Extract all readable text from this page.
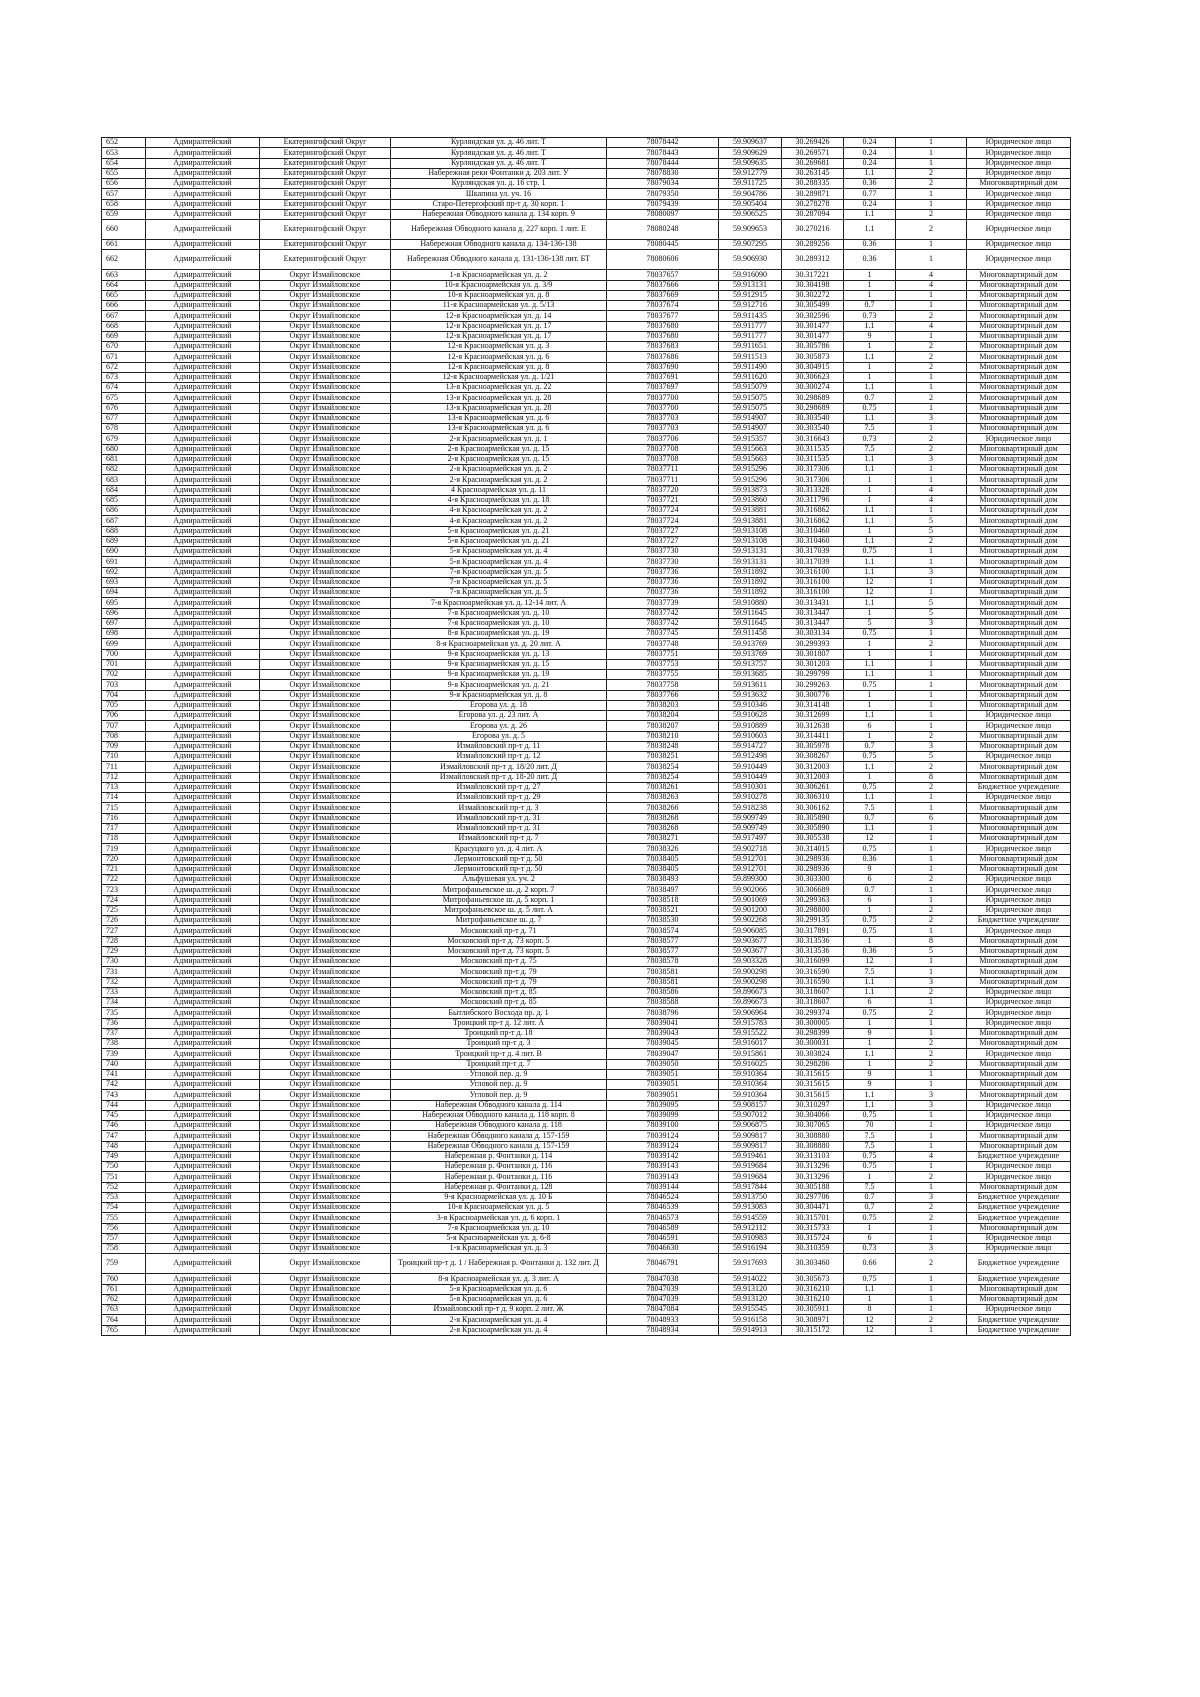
652	Адмиралтейский	Екатерингофский Округ	Курляндская ул. д. 46 лит. Т	78078442	59.909637	30.269426	0.24	1	Юридическое лицо
653	Адмиралтейский	Екатерингофский Округ	Курляндская ул. д. 46 лит. Т	78078443	59.909629	30.269571	0.24	1	Юридическое лицо
654	Адмиралтейский	Екатерингофский Округ	Курляндская ул. д. 46 лит. Т	78078444	59.909635	30.269681	0.24	1	Юридическое лицо
655	Адмиралтейский	Екатерингофский Округ	Набережная реки Фонтанки д. 203 лит. У	78078830	59.912779	30.263145	1.1	2	Юридическое лицо
656	Адмиралтейский	Екатерингофский Округ	Курляндская ул. д. 16 стр. 1	78079034	59.911725	30.288335	0.36	2	Многоквартирный дом
657	Адмиралтейский	Екатерингофский Округ	Шкапина ул. уч. 16	78079350	59.904786	30.289871	0.77	1	Юридическое лицо
658	Адмиралтейский	Екатерингофский Округ	Старо-Петергофский пр-т д. 30 корп. 1	78079439	59.905404	30.278278	0.24	1	Юридическое лицо
659	Адмиралтейский	Екатерингофский Округ	Набережная Обводного канала д. 134 корп. 9	78080097	59.906525	30.287094	1.1	2	Юридическое лицо
660	Адмиралтейский	Екатерингофский Округ	Набережная Обводного канала д. 227 корп. 1 лит. Е	78080248	59.909653	30.270216	1.1	2	Юридическое лицо
661	Адмиралтейский	Екатерингофский Округ	Набережная Обводного канала д. 134-136-138	78080445	59.907295	30.289256	0.36	1	Юридическое лицо
662	Адмиралтейский	Екатерингофский Округ	Набережная Обводного канала д. 131-136-138 лит. БТ	78080606	59.906930	30.289312	0.36	1	Юридическое лицо
663	Адмиралтейский	Округ Измайловское	1-я Красноармейская ул. д. 2	78037657	59.916090	30.317221	1	4	Многоквартирный дом
664	Адмиралтейский	Округ Измайловское	10-я Красноармейская ул. д. 3/9	78037666	59.913131	30.304198	1	4	Многоквартирный дом
665	Адмиралтейский	Округ Измайловское	10-я Красноармейская ул. д. 8	78037669	59.912915	30.302272	1	1	Многоквартирный дом
666	Адмиралтейский	Округ Измайловское	11-я Красноармейская ул. д. 5/13	78037674	59.912716	30.305499	0.7	1	Многоквартирный дом
667	Адмиралтейский	Округ Измайловское	12-я Красноармейская ул. д. 14	78037677	59.911435	30.302596	0.73	2	Многоквартирный дом
668	Адмиралтейский	Округ Измайловское	12-я Красноармейская ул. д. 17	78037680	59.911777	30.301477	1.1	4	Многоквартирный дом
669	Адмиралтейский	Округ Измайловское	12-я Красноармейская ул. д. 17	78037680	59.911777	30.301477	9	1	Многоквартирный дом
670	Адмиралтейский	Округ Измайловское	12-я Красноармейская ул. д. 3	78037683	59.911651	30.305786	1	2	Многоквартирный дом
671	Адмиралтейский	Округ Измайловское	12-я Красноармейская ул. д. 6	78037686	59.911513	30.305873	1.1	2	Многоквартирный дом
672	Адмиралтейский	Округ Измайловское	12-я Красноармейская ул. д. 8	78037690	59.911490	30.304915	1	2	Многоквартирный дом
673	Адмиралтейский	Округ Измайловское	12-я Красноармейская ул. д. 1/21	78037691	59.911620	30.306623	1	1	Многоквартирный дом
674	Адмиралтейский	Округ Измайловское	13-я Красноармейская ул. д. 22	78037697	59.915079	30.300274	1.1	1	Многоквартирный дом
675	Адмиралтейский	Округ Измайловское	13-я Красноармейская ул. д. 28	78037700	59.915075	30.298689	0.7	2	Многоквартирный дом
676	Адмиралтейский	Округ Измайловское	13-я Красноармейская ул. д. 28	78037700	59.915075	30.298689	0.75	1	Многоквартирный дом
677	Адмиралтейский	Округ Измайловское	13-я Красноармейская ул. д. 6	78037703	59.914907	30.303540	1.1	3	Многоквартирный дом
678	Адмиралтейский	Округ Измайловское	13-я Красноармейская ул. д. 6	78037703	59.914907	30.303540	7.5	1	Многоквартирный дом
679	Адмиралтейский	Округ Измайловское	2-я Красноармейская ул. д. 1	78037706	59.915357	30.316643	0.73	2	Юридическое лицо
680	Адмиралтейский	Округ Измайловское	2-я Красноармейская ул. д. 15	78037708	59.915663	30.311535	7.5	2	Многоквартирный дом
681	Адмиралтейский	Округ Измайловское	2-я Красноармейская ул. д. 15	78037708	59.915663	30.311535	1.1	3	Многоквартирный дом
682	Адмиралтейский	Округ Измайловское	2-я Красноармейская ул. д. 2	78037711	59.915296	30.317306	1.1	1	Многоквартирный дом
683	Адмиралтейский	Округ Измайловское	2-я Красноармейская ул. д. 2	78037711	59.915296	30.317306	1	1	Многоквартирный дом
684	Адмиралтейский	Округ Измайловское	4 Красноармейская ул. д. 11	78037720	59.913873	30.313328	1	4	Многоквартирный дом
685	Адмиралтейский	Округ Измайловское	4-я Красноармейская ул. д. 18	78037721	59.913860	30.311796	1	4	Многоквартирный дом
686	Адмиралтейский	Округ Измайловское	4-я Красноармейская ул. д. 2	78037724	59.913881	30.316862	1.1	1	Многоквартирный дом
687	Адмиралтейский	Округ Измайловское	4-я Красноармейская ул. д. 2	78037724	59.913881	30.316862	1.1	5	Многоквартирный дом
688	Адмиралтейский	Округ Измайловское	5-я Красноармейская ул. д. 21	78037727	59.913108	30.310460	1	5	Многоквартирный дом
689	Адмиралтейский	Округ Измайловское	5-я Красноармейская ул. д. 21	78037727	59.913108	30.310460	1.1	2	Многоквартирный дом
690	Адмиралтейский	Округ Измайловское	5-я Красноармейская ул. д. 4	78037730	59.913131	30.317039	0.75	1	Многоквартирный дом
691	Адмиралтейский	Округ Измайловское	5-я Красноармейская ул. д. 4	78037730	59.913131	30.317039	1.1	1	Многоквартирный дом
692	Адмиралтейский	Округ Измайловское	7-я Красноармейская ул. д. 5	78037736	59.911892	30.316100	1.1	3	Многоквартирный дом
693	Адмиралтейский	Округ Измайловское	7-я Красноармейская ул. д. 5	78037736	59.911892	30.316100	12	1	Многоквартирный дом
694	Адмиралтейский	Округ Измайловское	7-я Красноармейская ул. д. 5	78037736	59.911892	30.316100	12	1	Многоквартирный дом
695	Адмиралтейский	Округ Измайловское	7-я Красноармейская ул. д. 12-14 лит. А	78037739	59.910880	30.313431	1.1	5	Многоквартирный дом
696	Адмиралтейский	Округ Измайловское	7-я Красноармейская ул. д. 10	78037742	59.911645	30.313447	1	5	Многоквартирный дом
697	Адмиралтейский	Округ Измайловское	7-я Красноармейская ул. д. 10	78037742	59.911645	30.313447	5	3	Многоквартирный дом
698	Адмиралтейский	Округ Измайловское	8-я Красноармейская ул. д. 19	78037745	59.911458	30.303134	0.75	1	Многоквартирный дом
699	Адмиралтейский	Округ Измайловское	8-я Красноармейская ул. д. 20 лит. А	78037748	59.913769	30.299393	1	2	Многоквартирный дом
700	Адмиралтейский	Округ Измайловское	9-я Красноармейская ул. д. 13	78037751	59.913769	30.301807	1	1	Многоквартирный дом
701	Адмиралтейский	Округ Измайловское	9-я Красноармейская ул. д. 15	78037753	59.913757	30.301203	1.1	1	Многоквартирный дом
702	Адмиралтейский	Округ Измайловское	9-я Красноармейская ул. д. 19	78037755	59.913685	30.299799	1.1	1	Многоквартирный дом
703	Адмиралтейский	Округ Измайловское	9-я Красноармейская ул. д. 21	78037758	59.913611	30.299263	0.75	1	Многоквартирный дом
704	Адмиралтейский	Округ Измайловское	9-я Красноармейская ул. д. 8	78037766	59.913632	30.300776	1	1	Многоквартирный дом
705	Адмиралтейский	Округ Измайловское	Егорова ул. д. 18	78038203	59.910346	30.314148	1	1	Многоквартирный дом
706	Адмиралтейский	Округ Измайловское	Егорова ул. д. 23 лит. А	78038204	59.910628	30.312699	1.1	1	Юридическое лицо
707	Адмиралтейский	Округ Измайловское	Егорова ул. д. 26	78038207	59.910889	30.312638	6	1	Юридическое лицо
708	Адмиралтейский	Округ Измайловское	Егорова ул. д. 5	78038210	59.910603	30.314411	1	2	Многоквартирный дом
709	Адмиралтейский	Округ Измайловское	Измайловский пр-т д. 11	78038248	59.914727	30.305978	0.7	3	Многоквартирный дом
710	Адмиралтейский	Округ Измайловское	Измайловский пр-т д. 12	78038251	59.912498	30.308267	0.75	5	Юридическое лицо
711	Адмиралтейский	Округ Измайловское	Измайловский пр-т д. 18/20 лит. Д	78038254	59.910449	30.312003	1.1	2	Многоквартирный дом
712	Адмиралтейский	Округ Измайловское	Измайловский пр-т д. 18-20 лит. Д	78038254	59.910449	30.312003	1	8	Многоквартирный дом
713	Адмиралтейский	Округ Измайловское	Измайловский пр-т д. 27	78038261	59.910301	30.306261	0.75	2	Бюджетное учреждение
714	Адмиралтейский	Округ Измайловское	Измайловский пр-т д. 29	78038263	59.910278	30.306310	1.1	1	Юридическое лицо
715	Адмиралтейский	Округ Измайловское	Измайловский пр-т д. 3	78038266	59.918238	30.306162	7.5	1	Многоквартирный дом
716	Адмиралтейский	Округ Измайловское	Измайловский пр-т д. 31	78038268	59.909749	30.305890	0.7	6	Многоквартирный дом
717	Адмиралтейский	Округ Измайловское	Измайловский пр-т д. 31	78038268	59.909749	30.305890	1.1	1	Многоквартирный дом
718	Адмиралтейский	Округ Измайловское	Измайловский пр-т д. 7	78038271	59.917497	30.305538	12	1	Многоквартирный дом
719	Адмиралтейский	Округ Измайловское	Красуцкого ул. д. 4 лит. А	78038326	59.902718	30.314015	0.75	1	Юридическое лицо
720	Адмиралтейский	Округ Измайловское	Лермонтовский пр-т д. 50	78038405	59.912701	30.298936	0.36	1	Многоквартирный дом
721	Адмиралтейский	Округ Измайловское	Лермонтовский пр-т д. 50	78038405	59.912701	30.298936	9	1	Многоквартирный дом
722	Адмиралтейский	Округ Измайловское	Альфушевая ул. уч. 2	78038493	59.899300	30.303300	6	2	Юридическое лицо
723	Адмиралтейский	Округ Измайловское	Митрофаньевское ш. д. 2 корп. 7	78038497	59.902066	30.306689	0.7	1	Юридическое лицо
724	Адмиралтейский	Округ Измайловское	Митрофаньевское ш. д. 5 корп. 1	78038518	59.901069	30.299363	6	1	Юридическое лицо
725	Адмиралтейский	Округ Измайловское	Митрофаньевское ш. д. 5 лит. А	78038521	59.901200	30.298800	1	2	Юридическое лицо
726	Адмиралтейский	Округ Измайловское	Митрофаньевское ш. д. 7	78038530	59.902268	30.299135	0.75	2	Бюджетное учреждение
727	Адмиралтейский	Округ Измайловское	Московский пр-т д. 71	78038574	59.906085	30.317891	0.75	1	Юридическое лицо
728	Адмиралтейский	Округ Измайловское	Московский пр-т д. 73 корп. 5	78038577	59.903677	30.313536	1	8	Многоквартирный дом
729	Адмиралтейский	Округ Измайловское	Московский пр-т д. 73 корп. 5	78038577	59.903677	30.313536	0.36	5	Многоквартирный дом
730	Адмиралтейский	Округ Измайловское	Московский пр-т д. 75	78038578	59.903328	30.316099	12	1	Многоквартирный дом
731	Адмиралтейский	Округ Измайловское	Московский пр-т д. 79	78038581	59.900298	30.316590	7.5	1	Многоквартирный дом
732	Адмиралтейский	Округ Измайловское	Московский пр-т д. 79	78038581	59.900298	30.316590	1.1	3	Многоквартирный дом
733	Адмиралтейский	Округ Измайловское	Московский пр-т д. 85	78038586	59.896673	30.318607	1.1	2	Юридическое лицо
734	Адмиралтейский	Округ Измайловское	Московский пр-т д. 85	78038588	59.896673	30.318607	6	1	Юридическое лицо
735	Адмиралтейский	Округ Измайловское	Бытлибского Восхода пр. д. 1	78038796	59.906964	30.299374	0.75	2	Юридическое лицо
736	Адмиралтейский	Округ Измайловское	Троицкий пр-т д. 12 лит. А	78039041	59.915783	30.300005	1	1	Юридическое лицо
737	Адмиралтейский	Округ Измайловское	Троицкий пр-т д. 18	78039043	59.915522	30.298399	9	1	Многоквартирный дом
738	Адмиралтейский	Округ Измайловское	Троицкий пр-т д. 3	78039045	59.916017	30.300031	1	2	Многоквартирный дом
739	Адмиралтейский	Округ Измайловское	Троицкий пр-т д. 4 лит. В	78039047	59.915861	30.303824	1.1	2	Юридическое лицо
740	Адмиралтейский	Округ Измайловское	Троицкий пр-т д. 7	78039050	59.916025	30.298286	1	2	Многоквартирный дом
741	Адмиралтейский	Округ Измайловское	Угловой пер. д. 9	78039051	59.910364	30.315615	9	1	Многоквартирный дом
742	Адмиралтейский	Округ Измайловское	Угловой пер. д. 9	78039051	59.910364	30.315615	9	1	Многоквартирный дом
743	Адмиралтейский	Округ Измайловское	Угловой пер. д. 9	78039051	59.910364	30.315615	1.1	3	Многоквартирный дом
744	Адмиралтейский	Округ Измайловское	Набережная Обводного канала д. 114	78039095	59.908157	30.310297	1.1	3	Юридическое лицо
745	Адмиралтейский	Округ Измайловское	Набережная Обводного канала д. 118 корп. 8	78039099	59.907012	30.304066	0.75	1	Юридическое лицо
746	Адмиралтейский	Округ Измайловское	Набережная Обводного канала д. 118	78039100	59.906875	30.307065	70	1	Юридическое лицо
747	Адмиралтейский	Округ Измайловское	Набережная Обводного канала д. 157-159	78039124	59.909817	30.308880	7.5	1	Многоквартирный дом
748	Адмиралтейский	Округ Измайловское	Набережная Обводного канала д. 157-159	78039124	59.909817	30.308880	7.5	1	Многоквартирный дом
749	Адмиралтейский	Округ Измайловское	Набережная р. Фонтанки д. 114	78039142	59.919461	30.313103	0.75	4	Бюджетное учреждение
750	Адмиралтейский	Округ Измайловское	Набережная р. Фонтанки д. 116	78039143	59.919684	30.313296	0.75	1	Юридическое лицо
751	Адмиралтейский	Округ Измайловское	Набережная р. Фонтанки д. 116	78039143	59.919684	30.313296	1	2	Юридическое лицо
752	Адмиралтейский	Округ Измайловское	Набережная р. Фонтанки д. 128	78039144	59.917844	30.305188	7.5	1	Многоквартирный дом
753	Адмиралтейский	Округ Измайловское	9-я Красноармейская ул. д. 10 Б	78046524	59.913750	30.297706	0.7	3	Бюджетное учреждение
754	Адмиралтейский	Округ Измайловское	10-я Красноармейская ул. д. 5	78046539	59.913083	30.304471	0.7	2	Бюджетное учреждение
755	Адмиралтейский	Округ Измайловское	3-я Красноармейская ул. д. 6 корп. 1	78046573	59.914559	30.315701	0.75	2	Бюджетное учреждение
756	Адмиралтейский	Округ Измайловское	7-я Красноармейская ул. д. 10	78046589	59.912112	30.315733	1	1	Многоквартирный дом
757	Адмиралтейский	Округ Измайловское	5-я Красноармейская ул. д. 6-8	78046591	59.910983	30.315724	6	1	Юридическое лицо
758	Адмиралтейский	Округ Измайловское	1-я Красноармейская ул. д. 3	78046630	59.916194	30.310359	0.73	3	Юридическое лицо
759	Адмиралтейский	Округ Измайловское	Троицкий пр-т д. 1 / Набережная р. Фонтанки д. 132 лит. Д	78046791	59.917693	30.303460	0.66	2	Бюджетное учреждение
760	Адмиралтейский	Округ Измайловское	8-я Красноармейская ул. д. 3 лит. А	78047038	59.914022	30.305673	0.75	1	Бюджетное учреждение
761	Адмиралтейский	Округ Измайловское	5-я Красноармейская ул. д. 6	78047039	59.913120	30.316210	1.1	1	Многоквартирный дом
762	Адмиралтейский	Округ Измайловское	5-я Красноармейская ул. д. 6	78047039	59.913120	30.316210	1	1	Многоквартирный дом
763	Адмиралтейский	Округ Измайловское	Измайловский пр-т д. 9 корп. 2 лит. Ж	78047084	59.915545	30.305911	8	1	Юридическое лицо
764	Адмиралтейский	Округ Измайловское	2-я Красноармейская ул. д. 4	78048933	59.916158	30.308971	12	2	Бюджетное учреждение
765	Адмиралтейский	Округ Измайловское	2-я Красноармейская ул. д. 4	78048934	59.914913	30.315172	12	1	Бюджетное учреждение
